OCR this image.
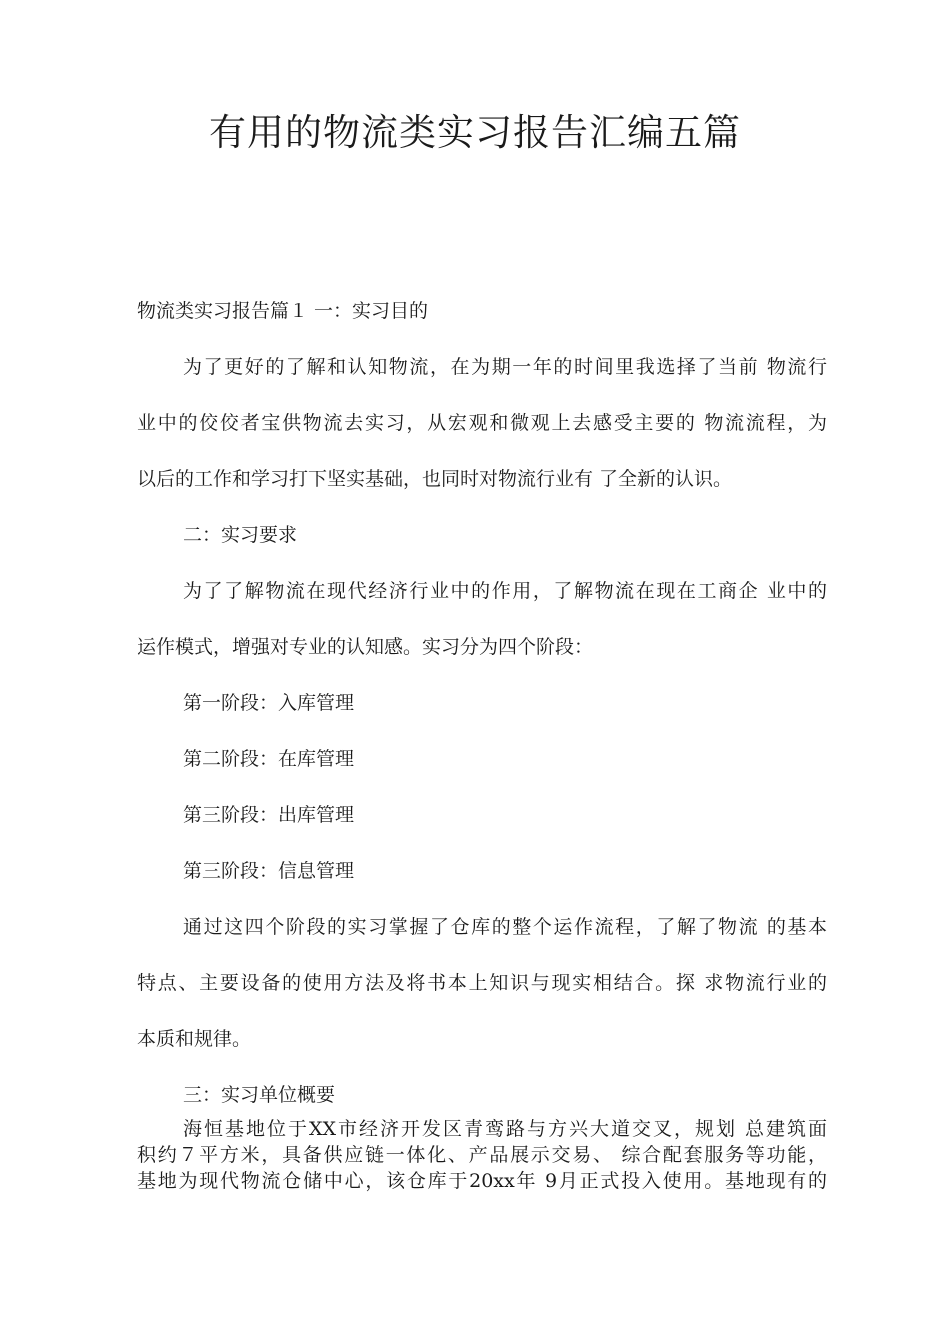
有用的物流类实习报告汇编五篇
物流类实习报告篇１ 一：实习目的
为了更好的了解和认知物流，在为期一年的时间里我选择了当前 物流行
业中的佼佼者宝供物流去实习，从宏观和微观上去感受主要的 物流流程，为
以后的工作和学习打下坚实基础，也同时对物流行业有 了全新的认识。
二：实习要求
为了了解物流在现代经济行业中的作用，了解物流在现在工商企 业中的
运作模式，增强对专业的认知感。实习分为四个阶段：
第一阶段：入库管理
第二阶段：在库管理
第三阶段：出库管理
第三阶段：信息管理
通过这四个阶段的实习掌握了仓库的整个运作流程，了解了物流 的基本
特点、主要设备的使用方法及将书本上知识与现实相结合。探 求物流行业的
本质和规律。
三：实习单位概要
海恒基地位于XX市经济开发区青鸾路与方兴大道交叉，规划 总建筑面
积约７平方米，具备供应链一体化、产品展示交易、 综合配套服务等功能，
基地为现代物流仓储中心，该仓库于20xx年 9月正式投入使用。基地现有的
